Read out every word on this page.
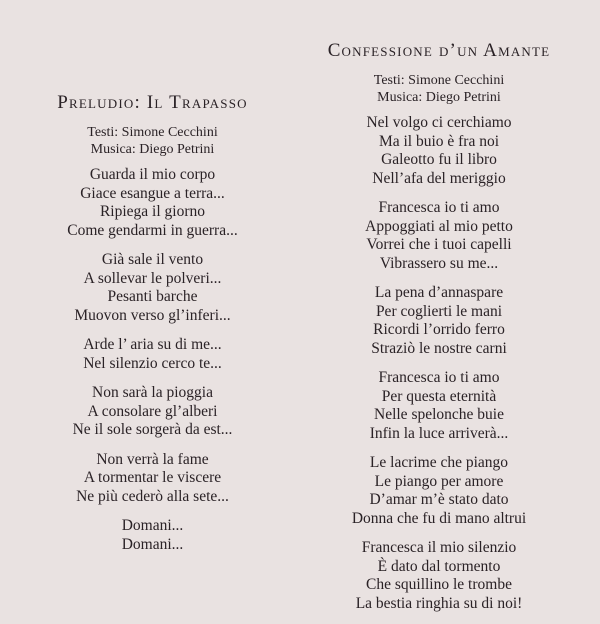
Preludio: Il Trapasso
Testi: Simone Cecchini
Musica: Diego Petrini
Guarda il mio corpo
Giace esangue a terra...
Ripiega il giorno
Come gendarmi in guerra...
Già sale il vento
A sollevar le polveri...
Pesanti barche
Muovon verso gl’inferi...
Arde l’ aria su di me...
Nel silenzio cerco te...
Non sarà la pioggia
A consolare gl’alberi
Ne il sole sorgerà da est...
Non verrà la fame
A tormentar le viscere
Ne più cederò alla sete...
Domani...
Domani...
Confessione d’un Amante
Testi: Simone Cecchini
Musica: Diego Petrini
Nel volgo ci cerchiamo
Ma il buio è fra noi
Galeotto fu il libro
Nell’afa del meriggio
Francesca io ti amo
Appoggiati al mio petto
Vorrei che i tuoi capelli
Vibrassero su me...
La pena d’annaspare
Per coglierti le mani
Ricordi l’orrido ferro
Straziò le nostre carni
Francesca io ti amo
Per questa eternità
Nelle spelonche buie
Infin la luce arriverà...
Le lacrime che piango
Le piango per amore
D’amar m’è stato dato
Donna che fu di mano altrui
Francesca il mio silenzio
È dato dal tormento
Che squillino le trombe
La bestia ringhia su di noi!
